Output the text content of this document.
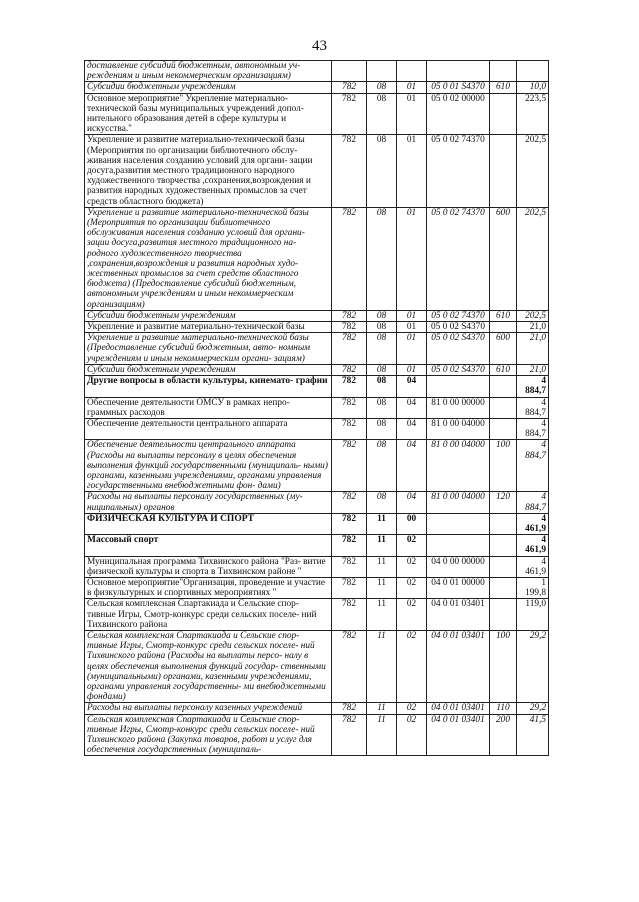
43
доставление субсидий бюджетным, автономным уч- реждениям и иным некоммерческим организациям)						
Субсидии бюджетным учреждениям	782	08	01	05 0 01 S4370	610	10,0
Основное мероприятие" Укрепление материально- технической базы муниципальных учреждений допол- нительного образования детей в сфере культуры и искусства."	782	08	01	05 0 02 00000		223,5
Укрепление и развитие материально-технической базы (Мероприятия по организации библиотечного обслу- живания населения созданию условий для органи- зации досуга,развития местного традиционного народного художественного творчества ,сохранения,возрождения и развития народных художественных промыслов за счет средств областного бюджета)	782	08	01	05 0 02 74370		202,5
Укрепление и развитие материально-технической базы (Мероприятия по организации библиотечного обслуживания населения созданию условий для органи- зации досуга,развития местного традиционного на- родного художественного творчества ,сохранения,возрождения и развития народных худо- жественных промыслов за счет средств областного бюджета) (Предоставление субсидий бюджетным, автономным учреждениям и иным некоммерческим организациям)	782	08	01	05 0 02 74370	600	202,5
Субсидии бюджетным учреждениям	782	08	01	05 0 02 74370	610	202,5
Укрепление и развитие материально-технической базы	782	08	01	05 0 02 S4370		21,0
Укрепление и развитие материально-технической базы (Предоставление субсидий бюджетным, авто- номным учреждениям и иным некоммерческим органи- зациям)	782	08	01	05 0 02 S4370	600	21,0
Субсидии бюджетным учреждениям	782	08	01	05 0 02 S4370	610	21,0
Другие вопросы в области культуры, кинемато- графии	782	08	04			4 884,7
Обеспечение деятельности ОМСУ в рамках непро- граммных расходов	782	08	04	81 0 00 00000		4 884,7
Обеспечение деятельности центрального аппарата	782	08	04	81 0 00 04000		4 884,7
Обеспечение деятельности центрального аппарата (Расходы на выплаты персоналу в целях обеспечения выполнения функций государственными (муниципаль- ными) органами, казенными учреждениями, органами управления государственными внебюджетными фон- дами)	782	08	04	81 0 00 04000	100	4 884,7
Расходы на выплаты персоналу государственных (му- ниципальных) органов	782	08	04	81 0 00 04000	120	4 884,7
ФИЗИЧЕСКАЯ КУЛЬТУРА И СПОРТ	782	11	00			4 461,9
Массовый спорт	782	11	02			4 461,9
Муниципальная программа Тихвинского района "Раз- витие физической культуры и спорта в Тихвинском районе "	782	11	02	04 0 00 00000		4 461,9
Основное мероприятие"Организация, проведение и участие в физкультурных и спортивных мероприятиях "	782	11	02	04 0 01 00000		1 199,8
Сельская комплексная Спартакиада и Сельские спор- тивные Игры, Смотр-конкурс среди сельских поселе- ний Тихвинского района	782	11	02	04 0 01 03401		119,0
Сельская комплексная Спартакиада и Сельские спор- тивные Игры, Смотр-конкурс среди сельских поселе- ний Тихвинского района (Расходы на выплаты персо- налу в целях обеспечения выполнения функций государ- ственными (муниципальными) органами, казенными учреждениями, органами управления государственны- ми внебюджетными фондами)	782	11	02	04 0 01 03401	100	29,2
Расходы на выплаты персоналу казенных учреждений	782	11	02	04 0 01 03401	110	29,2
Сельская комплексная Спартакиада и Сельские спор- тивные Игры, Смотр-конкурс среди сельских поселе- ний Тихвинского района (Закупка товаров, работ и услуг для обеспечения государственных (муниципаль-	782	11	02	04 0 01 03401	200	41,5
